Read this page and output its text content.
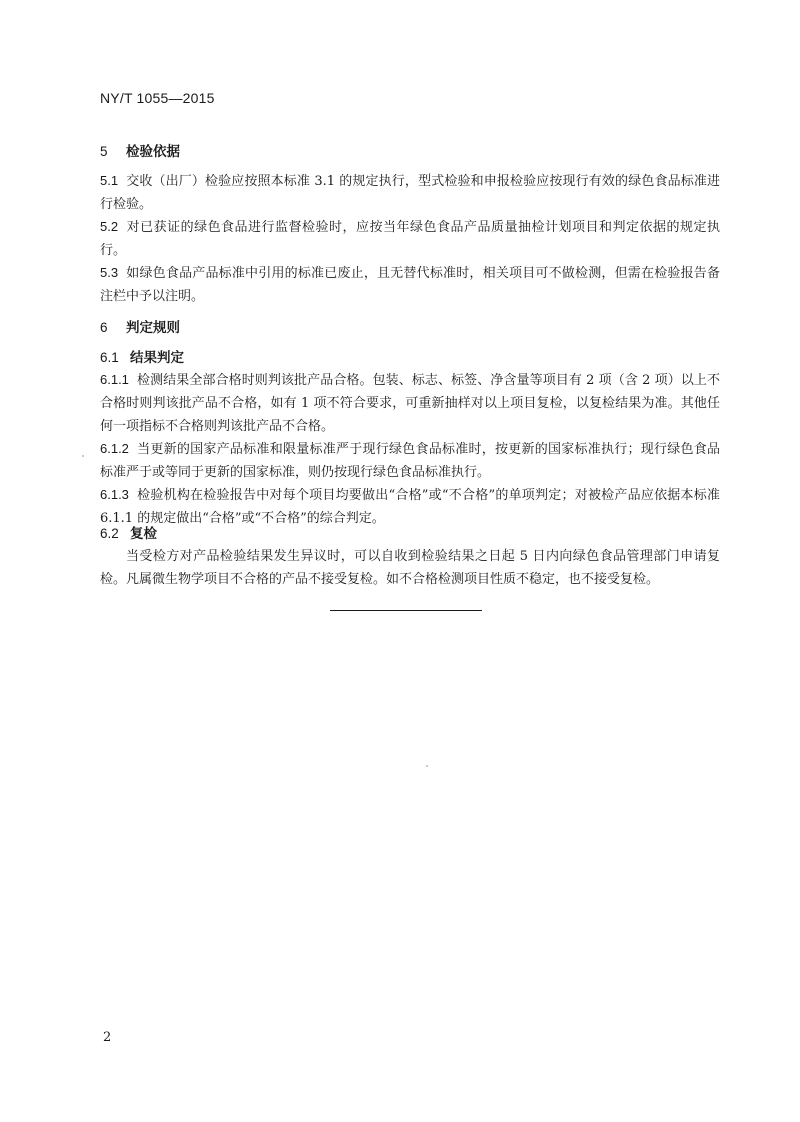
NY/T 1055—2015
5 检验依据
5.1 交收（出厂）检验应按照本标准 3.1 的规定执行，型式检验和申报检验应按现行有效的绿色食品标准进行检验。
5.2 对已获证的绿色食品进行监督检验时，应按当年绿色食品产品质量抽检计划项目和判定依据的规定执行。
5.3 如绿色食品产品标准中引用的标准已废止，且无替代标准时，相关项目可不做检测，但需在检验报告备注栏中予以注明。
6 判定规则
6.1 结果判定
6.1.1 检测结果全部合格时则判该批产品合格。包装、标志、标签、净含量等项目有 2 项（含 2 项）以上不合格时则判该批产品不合格，如有 1 项不符合要求，可重新抽样对以上项目复检，以复检结果为准。其他任何一项指标不合格则判该批产品不合格。
6.1.2 当更新的国家产品标准和限量标准严于现行绿色食品标准时，按更新的国家标准执行；现行绿色食品标准严于或等同于更新的国家标准，则仍按现行绿色食品标准执行。
6.1.3 检验机构在检验报告中对每个项目均要做出“合格”或“不合格”的单项判定；对被检产品应依据本标准 6.1.1 的规定做出“合格”或“不合格”的综合判定。
6.2 复检
当受检方对产品检验结果发生异议时，可以自收到检验结果之日起 5 日内向绿色食品管理部门申请复检。凡属微生物学项目不合格的产品不接受复检。如不合格检测项目性质不稳定，也不接受复检。
2
